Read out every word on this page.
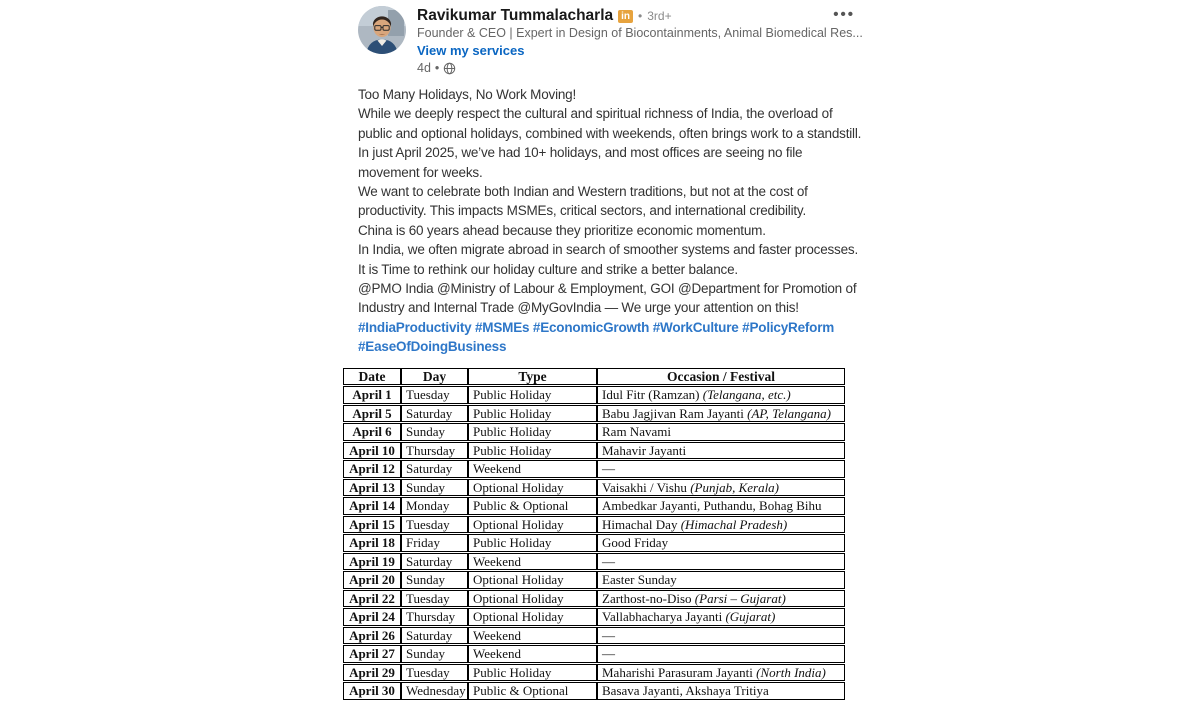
•••
Ravikumar Tummalacharla in • 3rd+
Founder & CEO | Expert in Design of Biocontainments, Animal Biomedical Res...
View my services
4d •

Too Many Holidays, No Work Moving!

While we deeply respect the cultural and spiritual richness of India, the overload of public and optional holidays, combined with weekends, often brings work to a standstill. In just April 2025, we’ve had 10+ holidays, and most offices are seeing no file movement for weeks.

We want to celebrate both Indian and Western traditions, but not at the cost of productivity. This impacts MSMEs, critical sectors, and international credibility.

China is 60 years ahead because they prioritize economic momentum.

In India, we often migrate abroad in search of smoother systems and faster processes.

It is Time to rethink our holiday culture and strike a better balance.

@PMO India @Ministry of Labour & Employment, GOI @Department for Promotion of Industry and Internal Trade @MyGovIndia — We urge your attention on this!

#IndiaProductivity #MSMEs #EconomicGrowth #WorkCulture #PolicyReform #EaseOfDoingBusiness

Date	Day	Type	Occasion / Festival
April 1	Tuesday	Public Holiday	Idul Fitr (Ramzan) (Telangana, etc.)
April 5	Saturday	Public Holiday	Babu Jagjivan Ram Jayanti (AP, Telangana)
April 6	Sunday	Public Holiday	Ram Navami
April 10	Thursday	Public Holiday	Mahavir Jayanti
April 12	Saturday	Weekend	—
April 13	Sunday	Optional Holiday	Vaisakhi / Vishu (Punjab, Kerala)
April 14	Monday	Public & Optional	Ambedkar Jayanti, Puthandu, Bohag Bihu
April 15	Tuesday	Optional Holiday	Himachal Day (Himachal Pradesh)
April 18	Friday	Public Holiday	Good Friday
April 19	Saturday	Weekend	—
April 20	Sunday	Optional Holiday	Easter Sunday
April 22	Tuesday	Optional Holiday	Zarthost-no-Diso (Parsi – Gujarat)
April 24	Thursday	Optional Holiday	Vallabhacharya Jayanti (Gujarat)
April 26	Saturday	Weekend	—
April 27	Sunday	Weekend	—
April 29	Tuesday	Public Holiday	Maharishi Parasuram Jayanti (North India)
April 30	Wednesday	Public & Optional	Basava Jayanti, Akshaya Tritiya
